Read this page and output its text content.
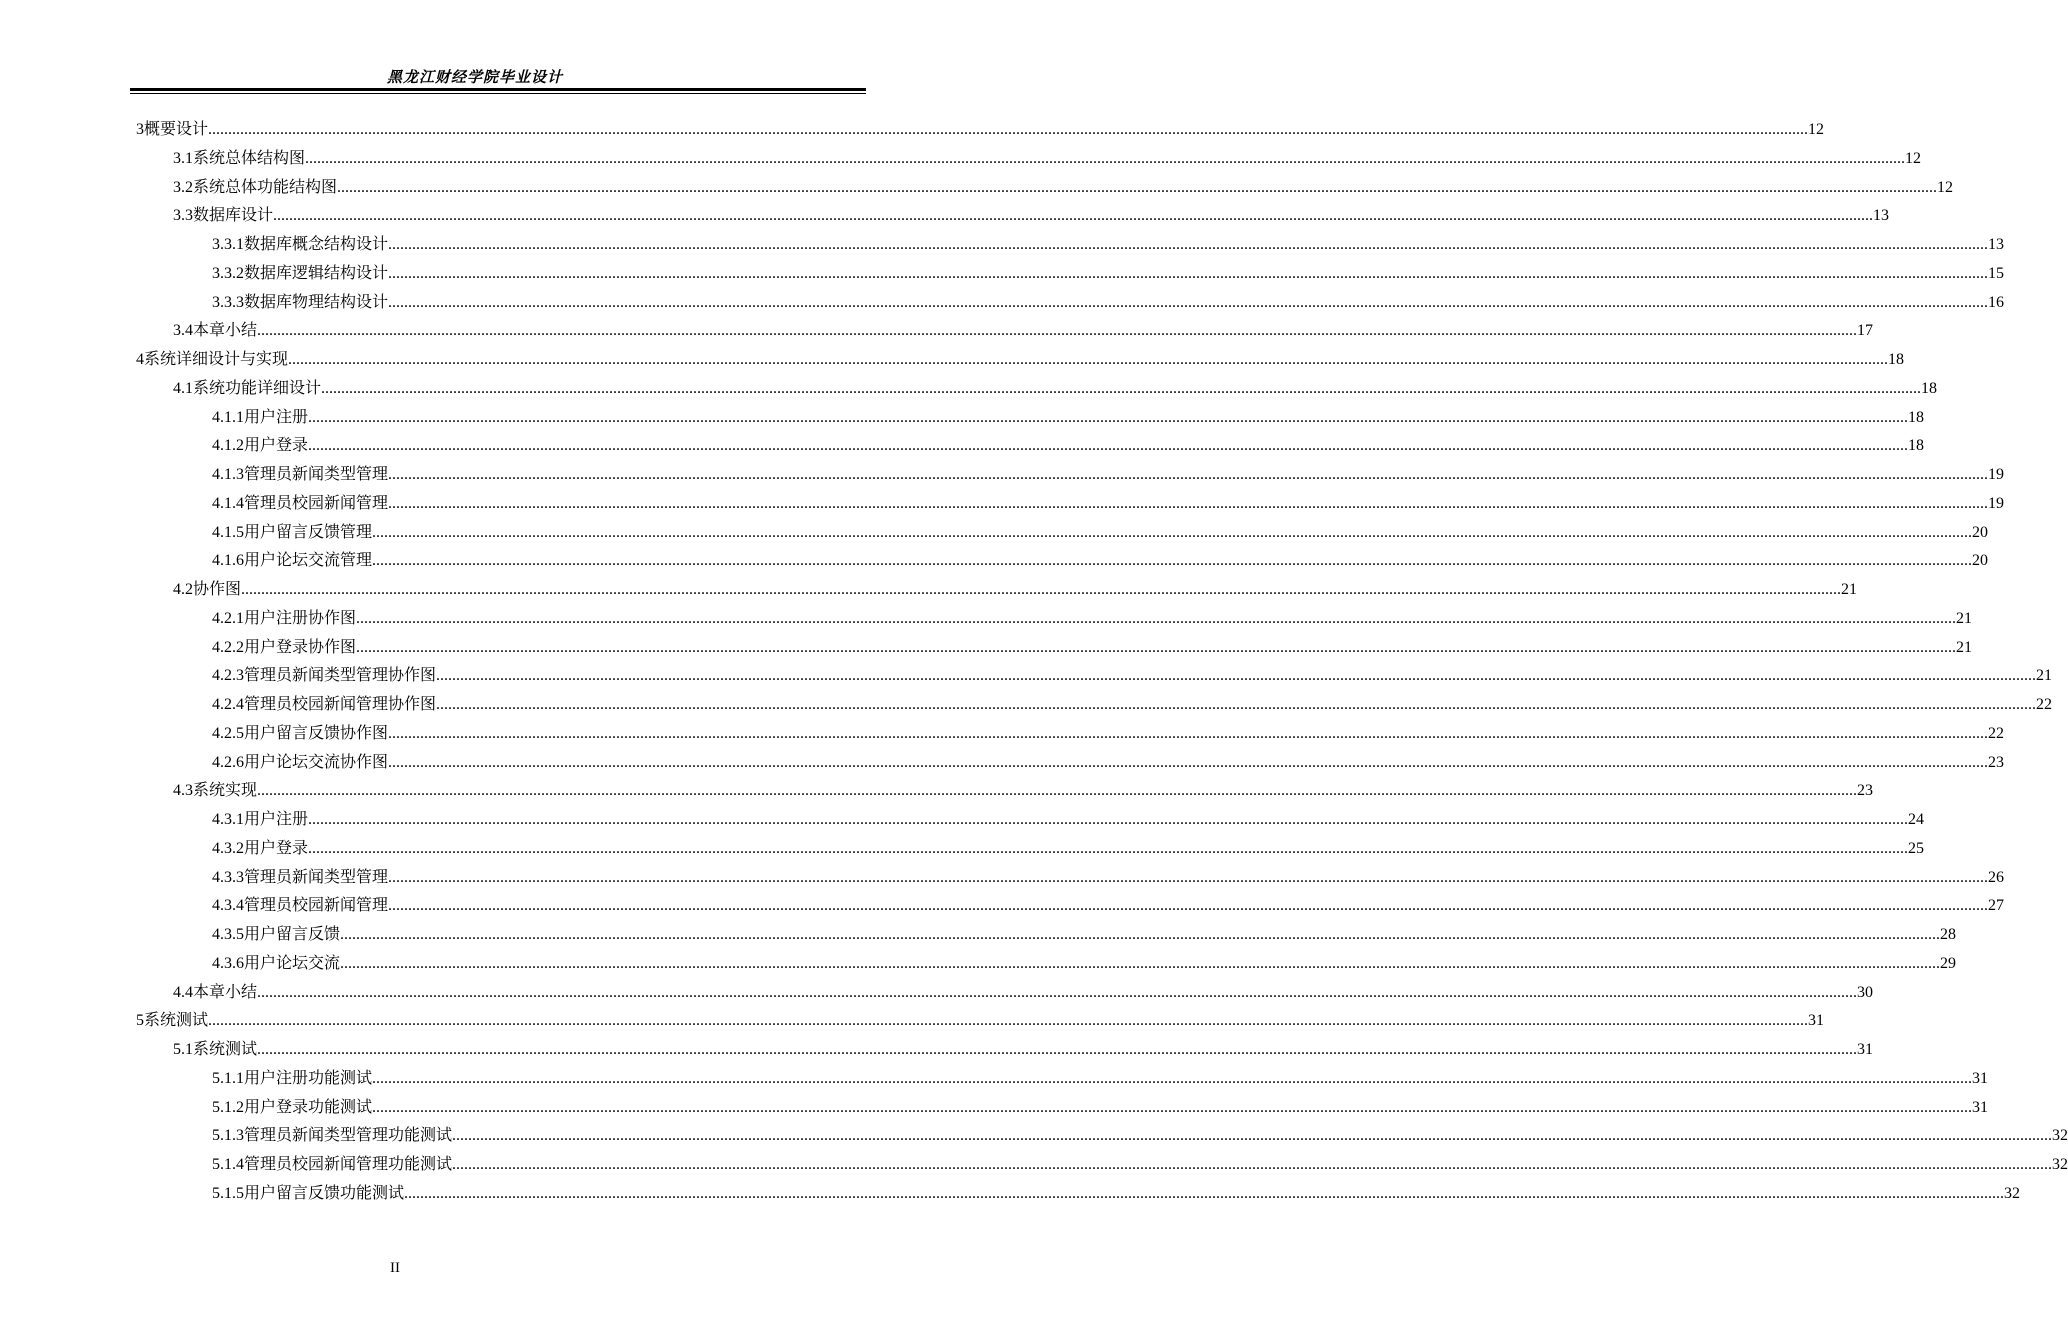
黑龙江财经学院毕业设计
3 概要设计 ................................................................................................................................................................................................................................................................................................................................................................................................................ 12
3.1 系统总体结构图 ................................................................................................................................................................................................................................................................................................................................................................................................................ 12
3.2 系统总体功能结构图 ................................................................................................................................................................................................................................................................................................................................................................................................................ 12
3.3 数据库设计 ................................................................................................................................................................................................................................................................................................................................................................................................................ 13
3.3.1 数据库概念结构设计 ................................................................................................................................................................................................................................................................................................................................................................................................................ 13
3.3.2 数据库逻辑结构设计 ................................................................................................................................................................................................................................................................................................................................................................................................................ 15
3.3.3 数据库物理结构设计 ................................................................................................................................................................................................................................................................................................................................................................................................................ 16
3.4 本章小结 ................................................................................................................................................................................................................................................................................................................................................................................................................ 17
4 系统详细设计与实现 ................................................................................................................................................................................................................................................................................................................................................................................................................ 18
4.1 系统功能详细设计 ................................................................................................................................................................................................................................................................................................................................................................................................................ 18
4.1.1 用户注册 ................................................................................................................................................................................................................................................................................................................................................................................................................ 18
4.1.2 用户登录 ................................................................................................................................................................................................................................................................................................................................................................................................................ 18
4.1.3 管理员新闻类型管理 ................................................................................................................................................................................................................................................................................................................................................................................................................ 19
4.1.4 管理员校园新闻管理 ................................................................................................................................................................................................................................................................................................................................................................................................................ 19
4.1.5 用户留言反馈管理 ................................................................................................................................................................................................................................................................................................................................................................................................................ 20
4.1.6 用户论坛交流管理 ................................................................................................................................................................................................................................................................................................................................................................................................................ 20
4.2 协作图 ................................................................................................................................................................................................................................................................................................................................................................................................................ 21
4.2.1 用户注册协作图 ................................................................................................................................................................................................................................................................................................................................................................................................................ 21
4.2.2 用户登录协作图 ................................................................................................................................................................................................................................................................................................................................................................................................................ 21
4.2.3 管理员新闻类型管理协作图 ................................................................................................................................................................................................................................................................................................................................................................................................................ 21
4.2.4 管理员校园新闻管理协作图 ................................................................................................................................................................................................................................................................................................................................................................................................................ 22
4.2.5 用户留言反馈协作图 ................................................................................................................................................................................................................................................................................................................................................................................................................ 22
4.2.6 用户论坛交流协作图 ................................................................................................................................................................................................................................................................................................................................................................................................................ 23
4.3 系统实现 ................................................................................................................................................................................................................................................................................................................................................................................................................ 23
4.3.1 用户注册 ................................................................................................................................................................................................................................................................................................................................................................................................................ 24
4.3.2 用户登录 ................................................................................................................................................................................................................................................................................................................................................................................................................ 25
4.3.3 管理员新闻类型管理 ................................................................................................................................................................................................................................................................................................................................................................................................................ 26
4.3.4 管理员校园新闻管理 ................................................................................................................................................................................................................................................................................................................................................................................................................ 27
4.3.5 用户留言反馈 ................................................................................................................................................................................................................................................................................................................................................................................................................ 28
4.3.6 用户论坛交流 ................................................................................................................................................................................................................................................................................................................................................................................................................ 29
4.4 本章小结 ................................................................................................................................................................................................................................................................................................................................................................................................................ 30
5 系统测试 ................................................................................................................................................................................................................................................................................................................................................................................................................ 31
5.1 系统测试 ................................................................................................................................................................................................................................................................................................................................................................................................................ 31
5.1.1 用户注册功能测试 ................................................................................................................................................................................................................................................................................................................................................................................................................ 31
5.1.2 用户登录功能测试 ................................................................................................................................................................................................................................................................................................................................................................................................................ 31
5.1.3 管理员新闻类型管理功能测试 ................................................................................................................................................................................................................................................................................................................................................................................................................ 32
5.1.4 管理员校园新闻管理功能测试 ................................................................................................................................................................................................................................................................................................................................................................................................................ 32
5.1.5 用户留言反馈功能测试 ................................................................................................................................................................................................................................................................................................................................................................................................................ 32
II
